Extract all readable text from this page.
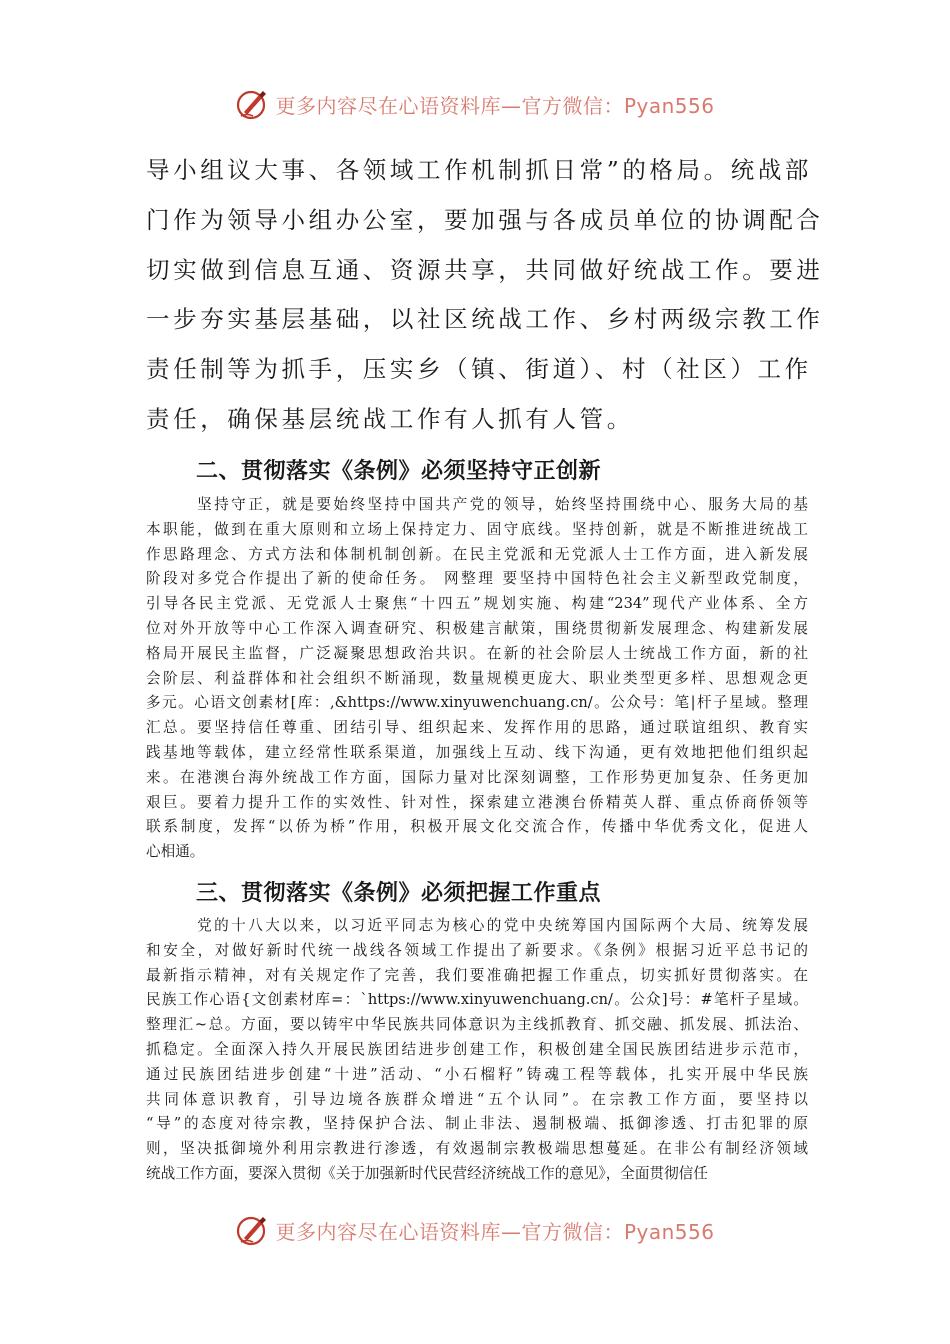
更多内容尽在心语资料库—官方微信：Pyan556
导小组议大事、各领域工作机制抓日常”的格局。统战部
门作为领导小组办公室，要加强与各成员单位的协调配合
切实做到信息互通、资源共享，共同做好统战工作。要进
一步夯实基层基础，以社区统战工作、乡村两级宗教工作
责任制等为抓手，压实乡（镇、街道）、村（社区）工作
责任，确保基层统战工作有人抓有人管。
二、贯彻落实《条例》必须坚持守正创新
　　　坚持守正，就是要始终坚持中国共产党的领导，始终坚持围绕中心、服务大局的基
本职能，做到在重大原则和立场上保持定力、固守底线。坚持创新，就是不断推进统战工
作思路理念、方式方法和体制机制创新。在民主党派和无党派人士工作方面，进入新发展
阶段对多党合作提出了新的使命任务。 网整理 要坚持中国特色社会主义新型政党制度，
引导各民主党派、无党派人士聚焦“十四五”规划实施、构建“234”现代产业体系、全方
位对外开放等中心工作深入调查研究、积极建言献策，围绕贯彻新发展理念、构建新发展
格局开展民主监督，广泛凝聚思想政治共识。在新的社会阶层人士统战工作方面，新的社
会阶层、利益群体和社会组织不断涌现，数量规模更庞大、职业类型更多样、思想观念更
多元。心语文创素材[库：,&https://www.xinyuwenchuang.cn/。公众号：笔|杆子星域。整理
汇总。要坚持信任尊重、团结引导、组织起来、发挥作用的思路，通过联谊组织、教育实
践基地等载体，建立经常性联系渠道，加强线上互动、线下沟通，更有效地把他们组织起
来。在港澳台海外统战工作方面，国际力量对比深刻调整，工作形势更加复杂、任务更加
艰巨。要着力提升工作的实效性、针对性，探索建立港澳台侨精英人群、重点侨商侨领等
联系制度，发挥“以侨为桥”作用，积极开展文化交流合作，传播中华优秀文化，促进人
心相通。
三、贯彻落实《条例》必须把握工作重点
　　　党的十八大以来，以习近平同志为核心的党中央统筹国内国际两个大局、统筹发展
和安全，对做好新时代统一战线各领域工作提出了新要求。《条例》根据习近平总书记的
最新指示精神，对有关规定作了完善，我们要准确把握工作重点，切实抓好贯彻落实。在
民族工作心语{文创素材库=：`https://www.xinyuwenchuang.cn/。公众]号：#笔杆子星域。
整理汇~总。方面，要以铸牢中华民族共同体意识为主线抓教育、抓交融、抓发展、抓法治、
抓稳定。全面深入持久开展民族团结进步创建工作，积极创建全国民族团结进步示范市，
通过民族团结进步创建“十进”活动、“小石榴籽”铸魂工程等载体，扎实开展中华民族
共同体意识教育，引导边境各族群众增进“五个认同”。在宗教工作方面，要坚持以
“导”的态度对待宗教，坚持保护合法、制止非法、遏制极端、抵御渗透、打击犯罪的原
则，坚决抵御境外利用宗教进行渗透，有效遏制宗教极端思想蔓延。在非公有制经济领域
统战工作方面，要深入贯彻《关于加强新时代民营经济统战工作的意见》，全面贯彻信任
更多内容尽在心语资料库—官方微信：Pyan556
